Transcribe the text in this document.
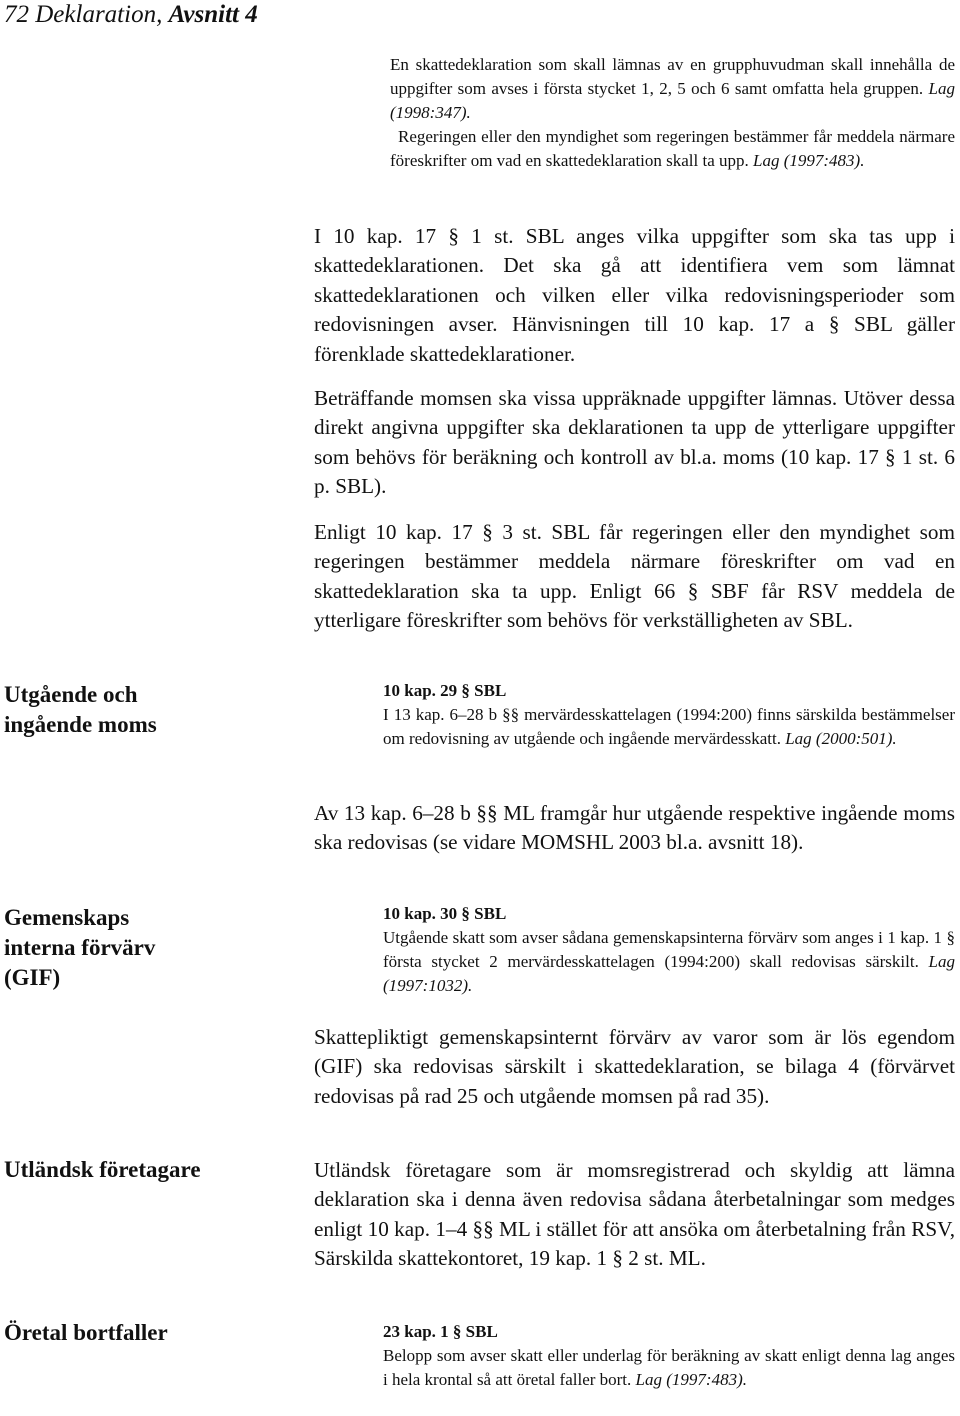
72 Deklaration, Avsnitt 4

En skattedeklaration som skall lämnas av en grupphuvudman skall innehålla de uppgifter som avses i första stycket 1, 2, 5 och 6 samt omfatta hela gruppen. Lag (1998:347).

Regeringen eller den myndighet som regeringen bestämmer får meddela närmare föreskrifter om vad en skattedeklaration skall ta upp. Lag (1997:483).

I 10 kap. 17 § 1 st. SBL anges vilka uppgifter som ska tas upp i skattedeklarationen. Det ska gå att identifiera vem som lämnat skattedeklarationen och vilken eller vilka redovisningsperioder som redovisningen avser. Hänvisningen till 10 kap. 17 a § SBL gäller förenklade skattedeklarationer.

Beträffande momsen ska vissa uppräknade uppgifter lämnas. Utöver dessa direkt angivna uppgifter ska deklarationen ta upp de ytterligare uppgifter som behövs för beräkning och kontroll av bl.a. moms (10 kap. 17 § 1 st. 6 p. SBL).

Enligt 10 kap. 17 § 3 st. SBL får regeringen eller den myndighet som regeringen bestämmer meddela närmare föreskrifter om vad en skattedeklaration ska ta upp. Enligt 66 § SBF får RSV meddela de ytterligare föreskrifter som behövs för verkställigheten av SBL.

Utgående och ingående moms
Gemenskaps interna förvärv (GIF)
Utländsk företagare
Öretal bortfaller
10 kap. 29 § SBL

I 13 kap. 6–28 b §§ mervärdesskattelagen (1994:200) finns särskilda bestämmelser om redovisning av utgående och ingående mervärdesskatt. Lag (2000:501).

Av 13 kap. 6–28 b §§ ML framgår hur utgående respektive ingående moms ska redovisas (se vidare MOMSHL 2003 bl.a. avsnitt 18).

10 kap. 30 § SBL

Utgående skatt som avser sådana gemenskapsinterna förvärv som anges i 1 kap. 1 § första stycket 2 mervärdesskattelagen (1994:200) skall redovisas särskilt. Lag (1997:1032).

Skattepliktigt gemenskapsinternt förvärv av varor som är lös egendom (GIF) ska redovisas särskilt i skattedeklaration, se bilaga 4 (förvärvet redovisas på rad 25 och utgående momsen på rad 35).

Utländsk företagare som är momsregistrerad och skyldig att lämna deklaration ska i denna även redovisa sådana återbetalningar som medges enligt 10 kap. 1–4 §§ ML i stället för att ansöka om återbetalning från RSV, Särskilda skattekontoret, 19 kap. 1 § 2 st. ML.

23 kap. 1 § SBL

Belopp som avser skatt eller underlag för beräkning av skatt enligt denna lag anges i hela krontal så att öretal faller bort. Lag (1997:483).
